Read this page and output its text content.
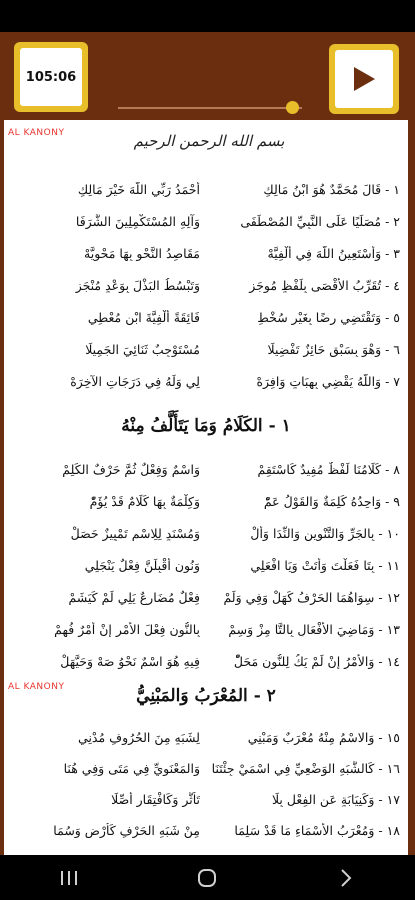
105:06
AL KANONY	بسم الله الرحمن الرحيم
١ - قَالَ مُحَمَّدٌ هُوَ ابْنُ مَالِكِ
أَحْمَدُ رَبِّي اللّهَ خَيْرَ مَالِكِ
٢ - مُصَلِّيًا عَلَى النَّبِيِّ المُصْطَفَى
وَآلِهِ المُسْتَكْمِلِينَ الشَّرَفَا
٣ - وَأَسْتَعِينُ اللّهَ فِي أَلْفِيَّهْ
مَقَاصِدُ النَّحْوِ بِهَا مَحْوِيَّهْ
٤ - تُقَرِّبُ الأَقْصَى بِلَفْظٍ مُوجَزِ
وَتَبْسُطُ البَذْلَ بِوَعْدٍ مُنْجَزِ
٥ - وَتَقْتَضِي رِضًا بِغَيْرِ سُخْطِ
فَائِقَةً أَلْفِيَّةَ ابْنِ مُعْطِي
٦ - وَهْوَ بِسَبْقٍ حَائِزٌ تَفْضِيلَا
مُسْتَوْجِبٌ ثَنَائِيَ الجَمِيلَا
٧ - وَاللّهُ يَقْضِي بِهِبَاتٍ وَافِرَهْ
لِي وَلَهُ فِي دَرَجَاتِ الآخِرَهْ
١ - الكَلَامُ وَمَا يَتَأَلَّفُ مِنْهُ
٨ - كَلَامُنَا لَفْظٌ مُفِيدٌ كَاسْتَقِمْ
وَاسْمٌ وَفِعْلٌ ثُمَّ حَرْفٌ الكَلِمْ
٩ - وَاحِدُهُ كَلِمَةٌ وَالقَوْلُ عَمّْ
وَكِلْمَةٌ بِهَا كَلَامٌ قَدْ يُؤَمّْ
١٠ - بِالجَرِّ وَالتَّنْوِينِ وَالنِّدَا وَأَلْ
وَمُسْنَدٍ لِلِاسْمِ تَمْيِيزٌ حَصَلْ
١١ - بِتَا فَعَلْتَ وَأَتَتْ وَيَا افْعَلِي
وَنُونِ أَقْبِلَنَّ فِعْلٌ يَنْجَلِي
١٢ - سِوَاهُمَا الحَرْفُ كَهَلْ وَفِي وَلَمْ
فِعْلٌ مُضَارِعٌ يَلِي لَمْ كَيَشَمْ
١٣ - وَمَاضِيَ الأَفْعَالِ بِالتَّا مِزْ وَسِمْ
بِالنُّونِ فِعْلَ الأَمْرِ إِنْ أَمْرٌ فُهِمْ
١٤ - وَالأَمْرُ إِنْ لَمْ يَكُ لِلنُّونِ مَحَلّْ
فِيهِ هُوَ اسْمٌ نَحْوُ صَهْ وَحَيَّهَلْ
AL KANONY	٢ - المُعْرَبُ وَالمَبْنِيُّ
١٥ - وَالاسْمُ مِنْهُ مُعْرَبٌ وَمَبْنِي
لِشَبَهٍ مِنَ الحُرُوفِ مُدْنِي
١٦ - كَالشَّبَهِ الوَضْعِيِّ فِي اسْمَيْ جِئْتَنَا
وَالمَعْنَوِيِّ فِي مَتَى وَفِي هُنَا
١٧ - وَكَنِيَابَةٍ عَنِ الفِعْلِ بِلَا
تَأَثُّرٍ وَكَافْتِقَارٍ أُصِّلَا
١٨ - وَمُعْرَبُ الأَسْمَاءِ مَا قَدْ سَلِمَا
مِنْ شَبَهِ الحَرْفِ كَأَرْضٍ وَسُمَا
